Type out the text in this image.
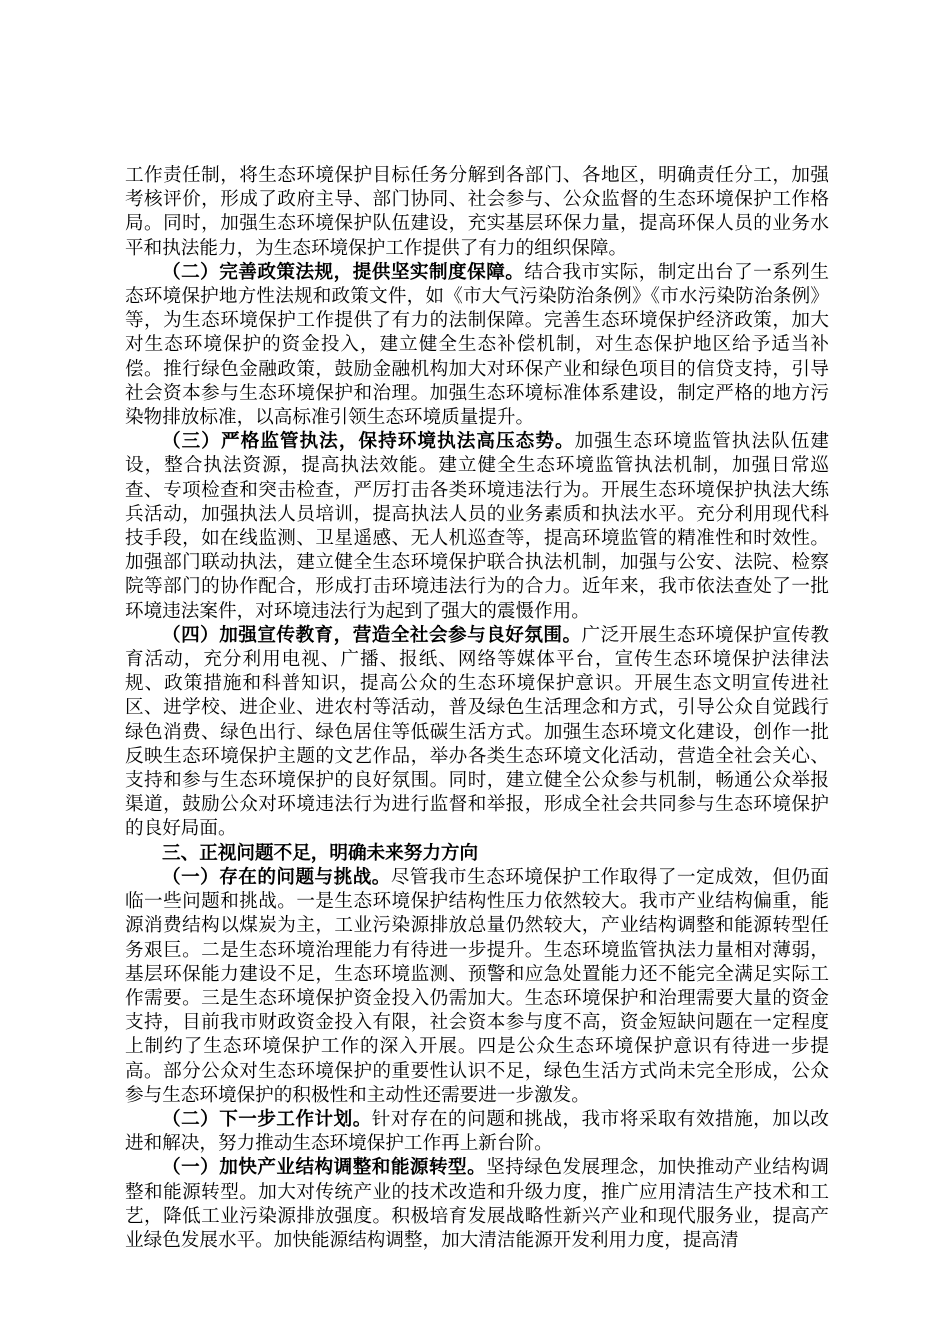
工作责任制，将生态环境保护目标任务分解到各部门、各地区，明确责任分工，加强考核评价，形成了政府主导、部门协同、社会参与、公众监督的生态环境保护工作格局。同时，加强生态环境保护队伍建设，充实基层环保力量，提高环保人员的业务水平和执法能力，为生态环境保护工作提供了有力的组织保障。

（二）完善政策法规，提供坚实制度保障。结合我市实际，制定出台了一系列生态环境保护地方性法规和政策文件，如《市大气污染防治条例》《市水污染防治条例》等，为生态环境保护工作提供了有力的法制保障。完善生态环境保护经济政策，加大对生态环境保护的资金投入，建立健全生态补偿机制，对生态保护地区给予适当补偿。推行绿色金融政策，鼓励金融机构加大对环保产业和绿色项目的信贷支持，引导社会资本参与生态环境保护和治理。加强生态环境标准体系建设，制定严格的地方污染物排放标准，以高标准引领生态环境质量提升。

（三）严格监管执法，保持环境执法高压态势。加强生态环境监管执法队伍建设，整合执法资源，提高执法效能。建立健全生态环境监管执法机制，加强日常巡查、专项检查和突击检查，严厉打击各类环境违法行为。开展生态环境保护执法大练兵活动，加强执法人员培训，提高执法人员的业务素质和执法水平。充分利用现代科技手段，如在线监测、卫星遥感、无人机巡查等，提高环境监管的精准性和时效性。加强部门联动执法，建立健全生态环境保护联合执法机制，加强与公安、法院、检察院等部门的协作配合，形成打击环境违法行为的合力。近年来，我市依法查处了一批环境违法案件，对环境违法行为起到了强大的震慑作用。

（四）加强宣传教育，营造全社会参与良好氛围。广泛开展生态环境保护宣传教育活动，充分利用电视、广播、报纸、网络等媒体平台，宣传生态环境保护法律法规、政策措施和科普知识，提高公众的生态环境保护意识。开展生态文明宣传进社区、进学校、进企业、进农村等活动，普及绿色生活理念和方式，引导公众自觉践行绿色消费、绿色出行、绿色居住等低碳生活方式。加强生态环境文化建设，创作一批反映生态环境保护主题的文艺作品，举办各类生态环境文化活动，营造全社会关心、支持和参与生态环境保护的良好氛围。同时，建立健全公众参与机制，畅通公众举报渠道，鼓励公众对环境违法行为进行监督和举报，形成全社会共同参与生态环境保护的良好局面。

三、正视问题不足，明确未来努力方向

（一）存在的问题与挑战。尽管我市生态环境保护工作取得了一定成效，但仍面临一些问题和挑战。一是生态环境保护结构性压力依然较大。我市产业结构偏重，能源消费结构以煤炭为主，工业污染源排放总量仍然较大，产业结构调整和能源转型任务艰巨。二是生态环境治理能力有待进一步提升。生态环境监管执法力量相对薄弱，基层环保能力建设不足，生态环境监测、预警和应急处置能力还不能完全满足实际工作需要。三是生态环境保护资金投入仍需加大。生态环境保护和治理需要大量的资金支持，目前我市财政资金投入有限，社会资本参与度不高，资金短缺问题在一定程度上制约了生态环境保护工作的深入开展。四是公众生态环境保护意识有待进一步提高。部分公众对生态环境保护的重要性认识不足，绿色生活方式尚未完全形成，公众参与生态环境保护的积极性和主动性还需要进一步激发。

（二）下一步工作计划。针对存在的问题和挑战，我市将采取有效措施，加以改进和解决，努力推动生态环境保护工作再上新台阶。

（一）加快产业结构调整和能源转型。坚持绿色发展理念，加快推动产业结构调整和能源转型。加大对传统产业的技术改造和升级力度，推广应用清洁生产技术和工艺，降低工业污染源排放强度。积极培育发展战略性新兴产业和现代服务业，提高产业绿色发展水平。加快能源结构调整，加大清洁能源开发利用力度，提高清
